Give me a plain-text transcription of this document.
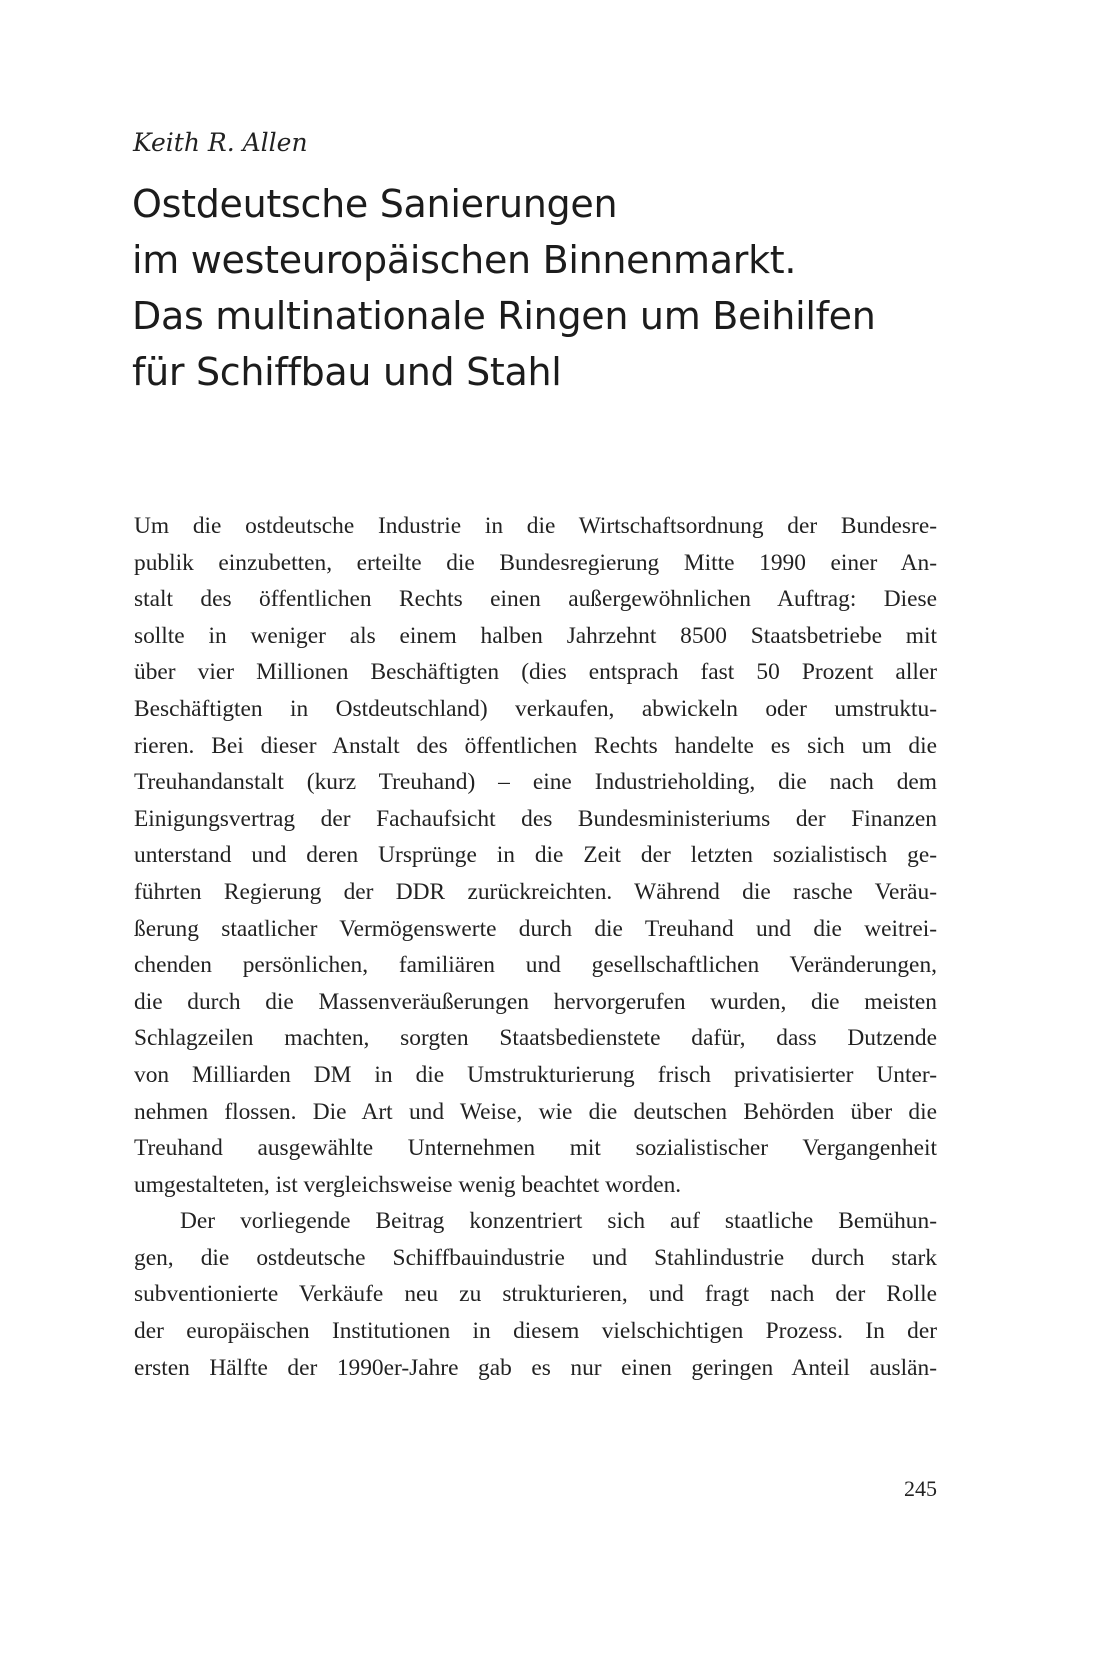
Keith R. Allen

Ostdeutsche Sanierungen
im westeuropäischen Binnenmarkt.
Das multinationale Ringen um Beihilfen
für Schiffbau und Stahl

Um die ostdeutsche Industrie in die Wirtschaftsordnung der Bundesre-
publik einzubetten, erteilte die Bundesregierung Mitte 1990 einer An-
stalt des öffentlichen Rechts einen außergewöhnlichen Auftrag: Diese
sollte in weniger als einem halben Jahrzehnt 8500 Staatsbetriebe mit
über vier Millionen Beschäftigten (dies entsprach fast 50 Prozent aller
Beschäftigten in Ostdeutschland) verkaufen, abwickeln oder umstruktu-
rieren. Bei dieser Anstalt des öffentlichen Rechts handelte es sich um die
Treuhandanstalt (kurz Treuhand) – eine Industrieholding, die nach dem
Einigungsvertrag der Fachaufsicht des Bundesministeriums der Finanzen
unterstand und deren Ursprünge in die Zeit der letzten sozialistisch ge-
führten Regierung der DDR zurückreichten. Während die rasche Veräu-
ßerung staatlicher Vermögenswerte durch die Treuhand und die weitrei-
chenden persönlichen, familiären und gesellschaftlichen Veränderungen,
die durch die Massenveräußerungen hervorgerufen wurden, die meisten
Schlagzeilen machten, sorgten Staatsbedienstete dafür, dass Dutzende
von Milliarden DM in die Umstrukturierung frisch privatisierter Unter-
nehmen flossen. Die Art und Weise, wie die deutschen Behörden über die
Treuhand ausgewählte Unternehmen mit sozialistischer Vergangenheit
umgestalteten, ist vergleichsweise wenig beachtet worden.

Der vorliegende Beitrag konzentriert sich auf staatliche Bemühun-
gen, die ostdeutsche Schiffbauindustrie und Stahlindustrie durch stark
subventionierte Verkäufe neu zu strukturieren, und fragt nach der Rolle
der europäischen Institutionen in diesem vielschichtigen Prozess. In der
ersten Hälfte der 1990er-Jahre gab es nur einen geringen Anteil auslän-

245
